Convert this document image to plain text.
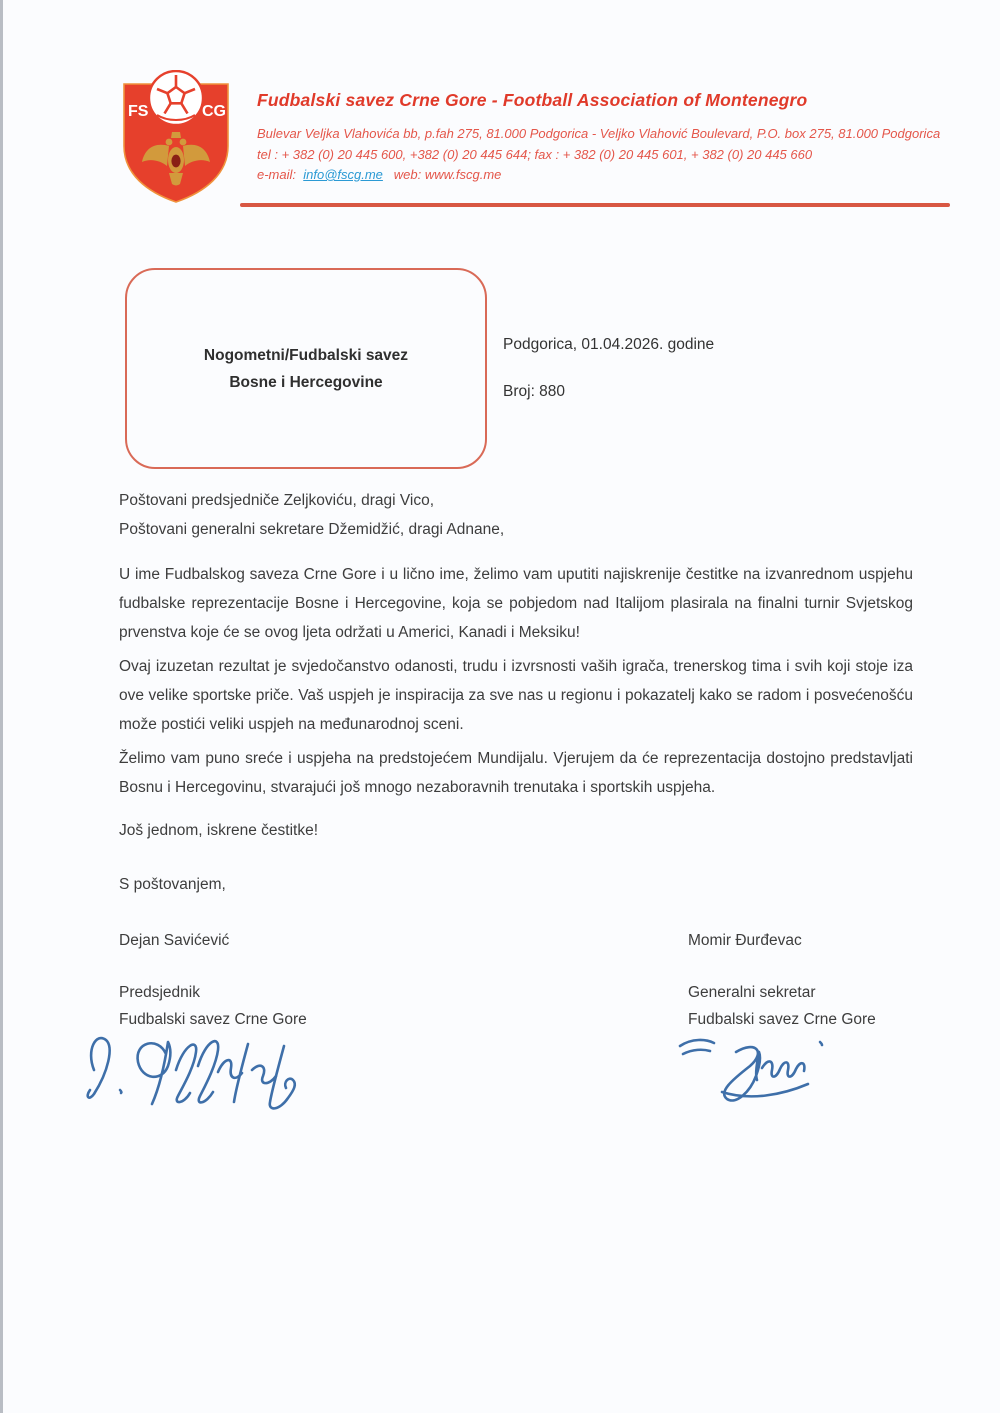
FS	CG
Fudbalski savez Crne Gore - Football Association of Montenegro
Bulevar Veljka Vlahovića bb, p.fah 275, 81.000 Podgorica - Veljko Vlahović Boulevard, P.O. box 275, 81.000 Podgorica
tel : + 382 (0) 20 445 600, +382 (0) 20 445 644; fax : + 382 (0) 20 445 601, + 382 (0) 20 445 660
e-mail:  info@fscg.me   web: www.fscg.me
Nogometni/Fudbalski savez
Bosne i Hercegovine
Podgorica, 01.04.2026. godine
Broj: 880

Poštovani predsjedniče Zeljkoviću, dragi Vico,

Poštovani generalni sekretare Džemidžić, dragi Adnane,

U ime Fudbalskog saveza Crne Gore i u lično ime, želimo vam uputiti najiskrenije čestitke na izvanrednom uspjehu fudbalske reprezentacije Bosne i Hercegovine, koja se pobjedom nad Italijom plasirala na finalni turnir Svjetskog prvenstva koje će se ovog ljeta održati u Americi, Kanadi i Meksiku!

Ovaj izuzetan rezultat je svjedočanstvo odanosti, trudu i izvrsnosti vaših igrača, trenerskog tima i svih koji stoje iza ove velike sportske priče. Vaš uspjeh je inspiracija za sve nas u regionu i pokazatelj kako se radom i posvećenošću može postići veliki uspjeh na međunarodnoj sceni.

Želimo vam puno sreće i uspjeha na predstojećem Mundijalu. Vjerujem da će reprezentacija dostojno predstavljati Bosnu i Hercegovinu, stvarajući još mnogo nezaboravnih trenutaka i sportskih uspjeha.

Još jednom, iskrene čestitke!

S poštovanjem,

Dejan Savićević
Predsjednik
Fudbalski savez Crne Gore
Momir Đurđevac
Generalni sekretar
Fudbalski savez Crne Gore
